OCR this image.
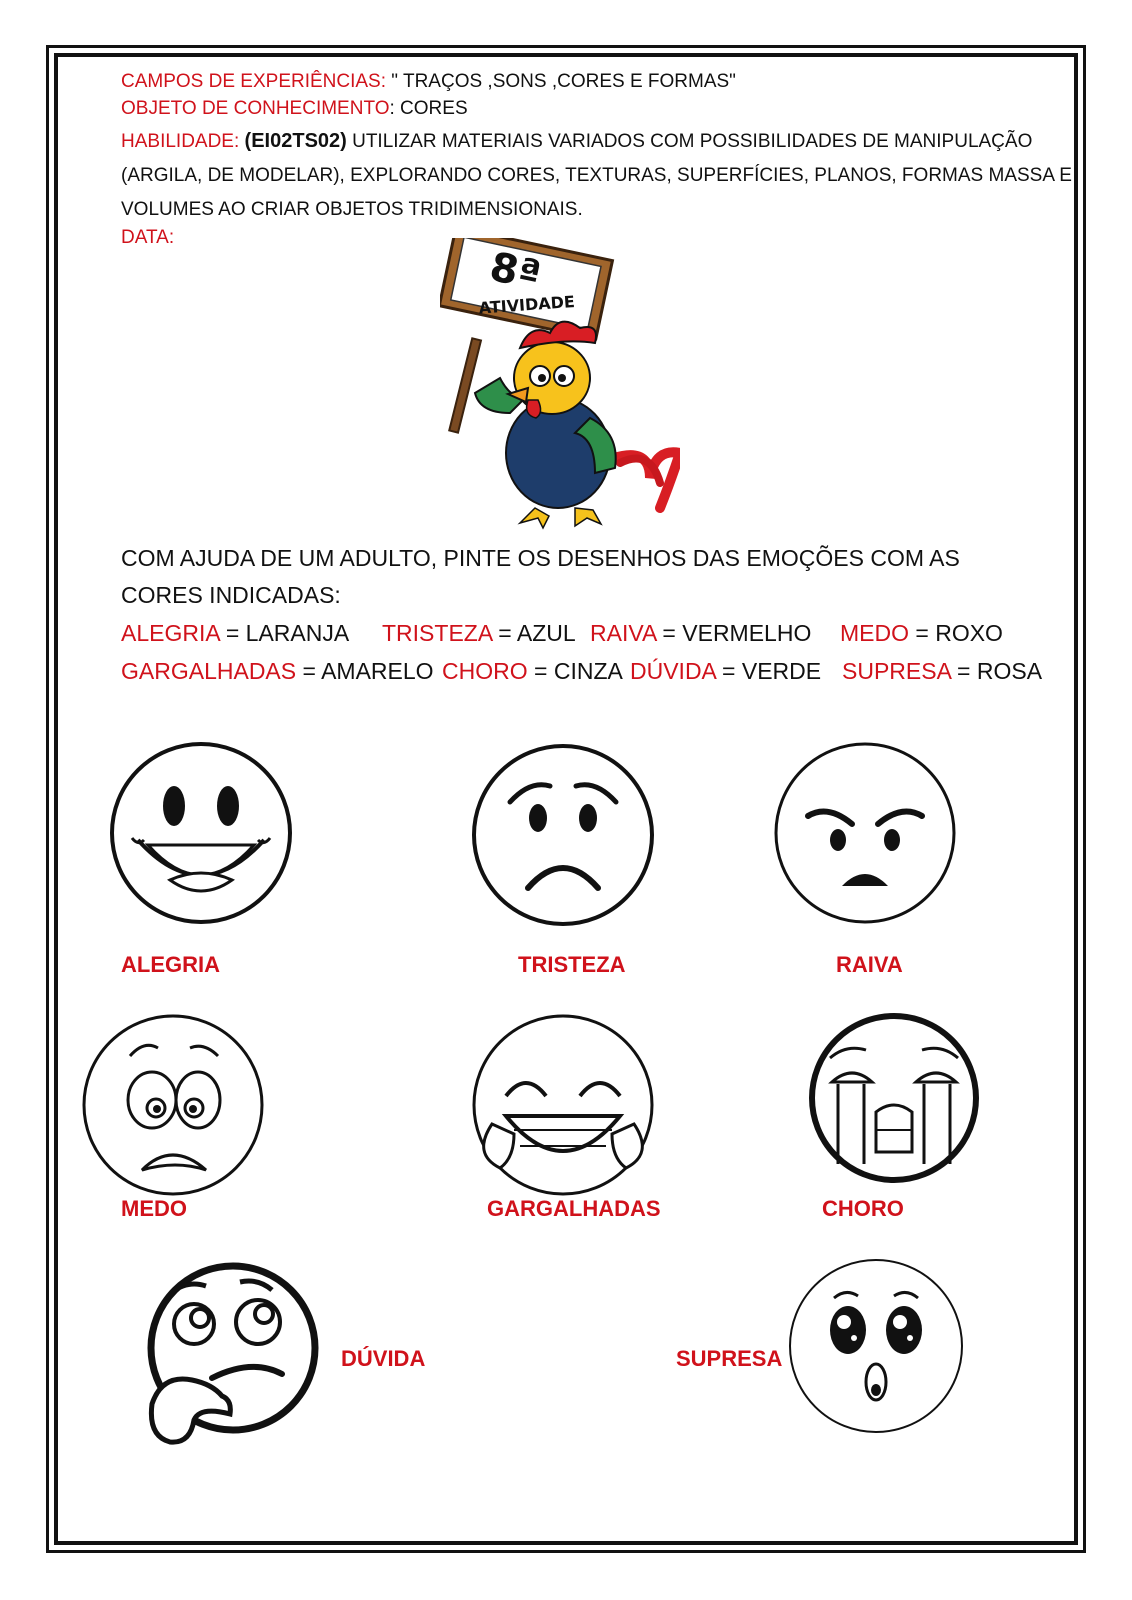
CAMPOS DE EXPERIÊNCIAS: " TRAÇOS ,SONS ,CORES E FORMAS"
OBJETO DE CONHECIMENTO: CORES
HABILIDADE: (EI02TS02) UTILIZAR MATERIAIS VARIADOS COM POSSIBILIDADES DE MANIPULAÇÃO
(ARGILA, DE MODELAR), EXPLORANDO CORES, TEXTURAS, SUPERFÍCIES, PLANOS, FORMAS MASSA E
VOLUMES AO CRIAR OBJETOS TRIDIMENSIONAIS.
DATA:
8ª
ATIVIDADE
COM AJUDA DE UM ADULTO, PINTE OS DESENHOS DAS EMOÇÕES COM AS CORES INDICADAS:
ALEGRIA = LARANJA TRISTEZA = AZUL RAIVA = VERMELHO MEDO = ROXO
GARGALHADAS = AMARELO CHORO = CINZA DÚVIDA = VERDE SUPRESA = ROSA
ALEGRIA	TRISTEZA	RAIVA
MEDO	GARGALHADAS	CHORO
DÚVIDA	SUPRESA
